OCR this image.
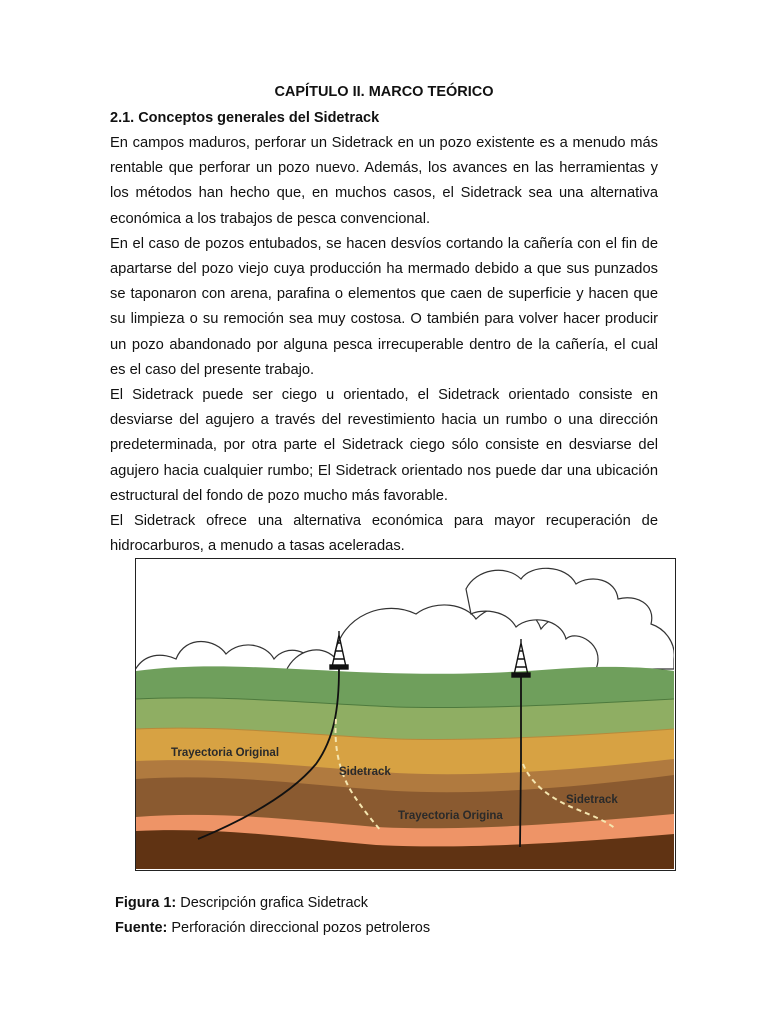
CAPÍTULO II. MARCO TEÓRICO
2.1. Conceptos generales del Sidetrack

En campos maduros, perforar un Sidetrack en un pozo existente es a menudo más rentable que perforar un pozo nuevo. Además, los avances en las herramientas y los métodos han hecho que, en muchos casos, el Sidetrack sea una alternativa económica a los trabajos de pesca convencional.

En el caso de pozos entubados, se hacen desvíos cortando la cañería con el fin de apartarse del pozo viejo cuya producción ha mermado debido a que sus punzados se taponaron con arena, parafina o elementos que caen de superficie y hacen que su limpieza o su remoción sea muy costosa. O también para volver hacer producir un pozo abandonado por alguna pesca irrecuperable dentro de la cañería, el cual es el caso del presente trabajo.

El Sidetrack puede ser ciego u orientado, el Sidetrack orientado consiste en desviarse del agujero a través del revestimiento hacia un rumbo o una dirección predeterminada, por otra parte el Sidetrack ciego sólo consiste en desviarse del agujero hacia cualquier rumbo; El Sidetrack orientado nos puede dar una ubicación estructural del fondo de pozo mucho más favorable.

El Sidetrack ofrece una alternativa económica para mayor recuperación de hidrocarburos, a menudo a tasas aceleradas.

Trayectoria Original
Sidetrack
Trayectoria Origina
Sidetrack

Figura 1: Descripción grafica Sidetrack

Fuente: Perforación direccional pozos petroleros
